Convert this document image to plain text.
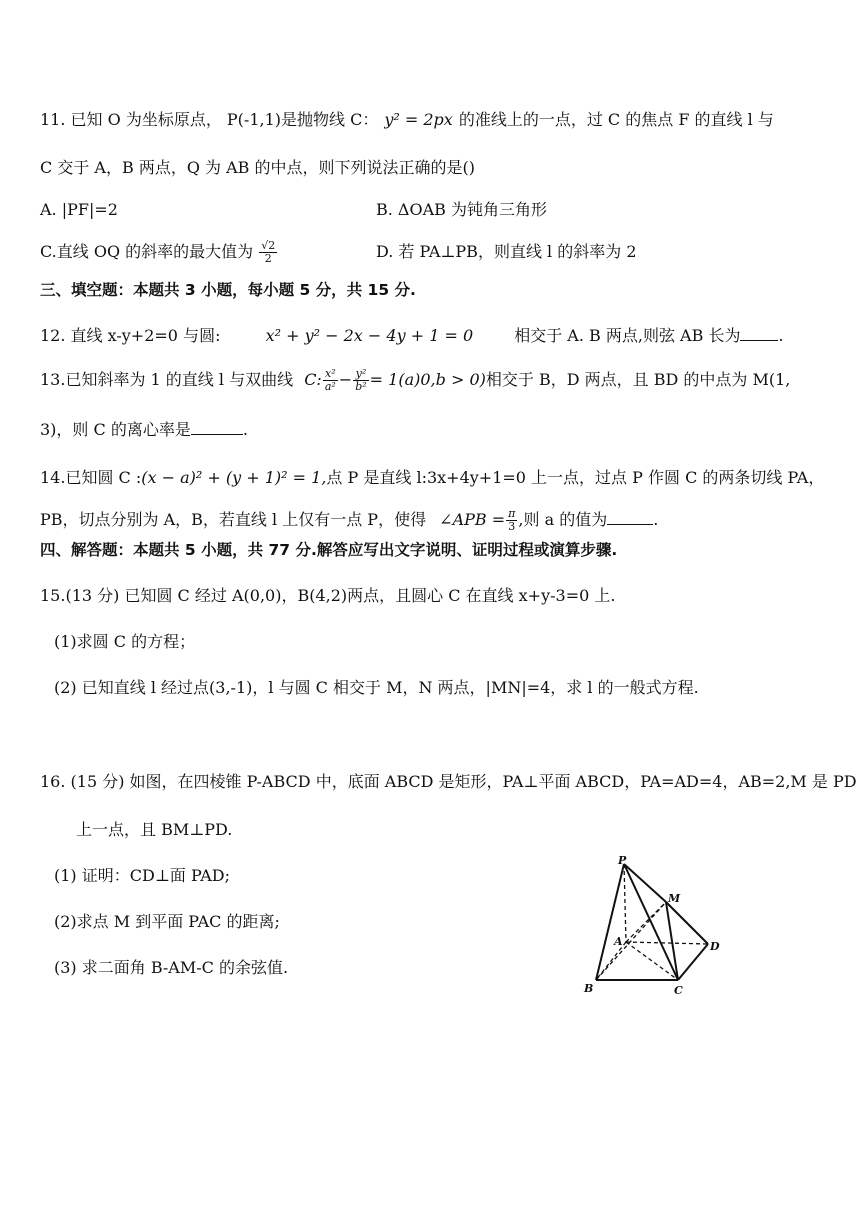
11. 已知 O 为坐标原点， P(-1,1)是抛物线 C： y² = 2px 的准线上的一点，过 C 的焦点 F 的直线 l 与
C 交于 A，B 两点，Q 为 AB 的中点，则下列说法正确的是()
A. |PF|=2	B. ΔOAB 为钝角三角形
C.直线 OQ 的斜率的最大值为 $\frac{√2}{2}$	D. 若 PA⊥PB，则直线 l 的斜率为 2
三、填空题：本题共 3 小题，每小题 5 分，共 15 分.
12. 直线 x-y+2=0 与圆:	x² + y² − 2x − 4y + 1 = 0	相交于 A. B 两点,则弦 AB 长为 .
13.已知斜率为 1 的直线 l 与双曲线 C: $\frac{\text{x²}}{\text{a²}} - \frac{\text{y²}}{\text{b²}} = 1(a)0,b > 0$)相交于 B，D 两点，且 BD 的中点为 M(1,
3)，则 C 的离心率是	.
14.已知圆 C :(x − a)² + (y + 1)² = 1,点 P 是直线 l:3x+4y+1=0 上一点，过点 P 作圆 C 的两条切线 PA，
PB，切点分别为 A，B，若直线 l 上仅有一点 P，使得 ∠APB = $\frac{\pi}{3}$ ,则 a 的值为	.
四、解答题：本题共 5 小题，共 77 分.解答应写出文字说明、证明过程或演算步骤.
15.(13 分) 已知圆 C 经过 A(0,0)，B(4,2)两点，且圆心 C 在直线 x+y-3=0 上.
(1)求圆 C 的方程；
(2) 已知直线 l 经过点(3,-1)，l 与圆 C 相交于 M，N 两点，|MN|=4，求 l 的一般式方程.
16. (15 分) 如图，在四棱锥 P-ABCD 中，底面 ABCD 是矩形，PA⊥平面 ABCD，PA=AD=4，AB=2,M 是 PD
上一点，且 BM⊥PD.
(1) 证明：CD⊥面 PAD;
(2)求点 M 到平面 PAC 的距离;
(3) 求二面角 B-AM-C 的余弦值.
P
M
A	D
B	C
